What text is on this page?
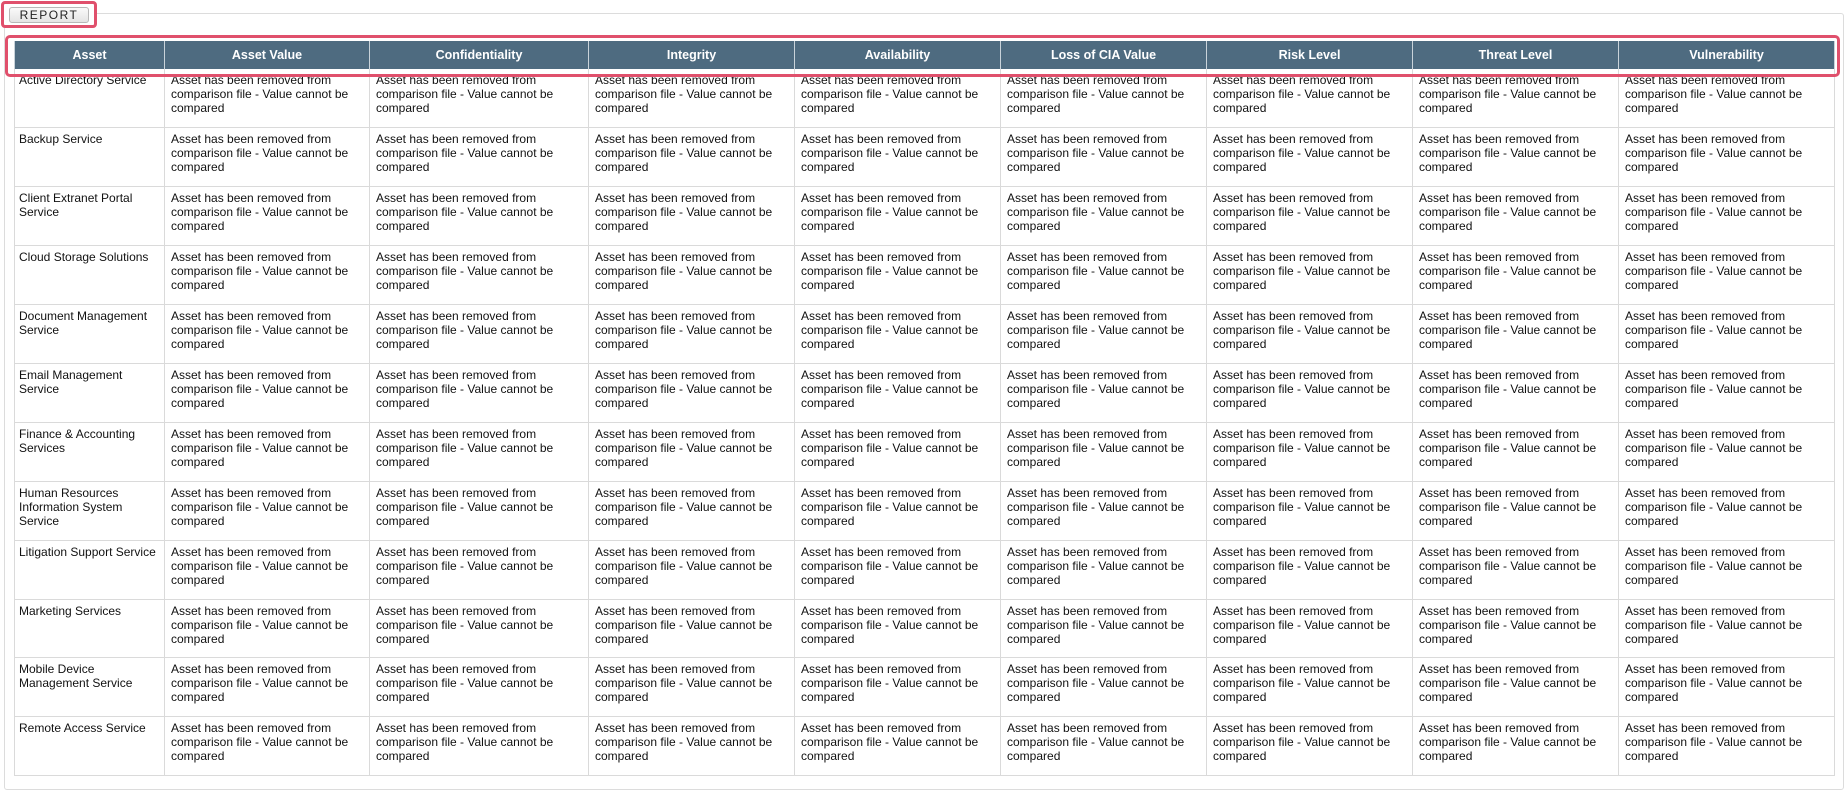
REPORT
Asset	Asset Value	Confidentiality	Integrity	Availability	Loss of CIA Value	Risk Level	Threat Level	Vulnerability
Active Directory Service	Asset has been removed from comparison file - Value cannot be compared	Asset has been removed from comparison file - Value cannot be compared	Asset has been removed from comparison file - Value cannot be compared	Asset has been removed from comparison file - Value cannot be compared	Asset has been removed from comparison file - Value cannot be compared	Asset has been removed from comparison file - Value cannot be compared	Asset has been removed from comparison file - Value cannot be compared	Asset has been removed from comparison file - Value cannot be compared
Backup Service	Asset has been removed from comparison file - Value cannot be compared	Asset has been removed from comparison file - Value cannot be compared	Asset has been removed from comparison file - Value cannot be compared	Asset has been removed from comparison file - Value cannot be compared	Asset has been removed from comparison file - Value cannot be compared	Asset has been removed from comparison file - Value cannot be compared	Asset has been removed from comparison file - Value cannot be compared	Asset has been removed from comparison file - Value cannot be compared
Client Extranet Portal Service	Asset has been removed from comparison file - Value cannot be compared	Asset has been removed from comparison file - Value cannot be compared	Asset has been removed from comparison file - Value cannot be compared	Asset has been removed from comparison file - Value cannot be compared	Asset has been removed from comparison file - Value cannot be compared	Asset has been removed from comparison file - Value cannot be compared	Asset has been removed from comparison file - Value cannot be compared	Asset has been removed from comparison file - Value cannot be compared
Cloud Storage Solutions	Asset has been removed from comparison file - Value cannot be compared	Asset has been removed from comparison file - Value cannot be compared	Asset has been removed from comparison file - Value cannot be compared	Asset has been removed from comparison file - Value cannot be compared	Asset has been removed from comparison file - Value cannot be compared	Asset has been removed from comparison file - Value cannot be compared	Asset has been removed from comparison file - Value cannot be compared	Asset has been removed from comparison file - Value cannot be compared
Document Management Service	Asset has been removed from comparison file - Value cannot be compared	Asset has been removed from comparison file - Value cannot be compared	Asset has been removed from comparison file - Value cannot be compared	Asset has been removed from comparison file - Value cannot be compared	Asset has been removed from comparison file - Value cannot be compared	Asset has been removed from comparison file - Value cannot be compared	Asset has been removed from comparison file - Value cannot be compared	Asset has been removed from comparison file - Value cannot be compared
Email Management Service	Asset has been removed from comparison file - Value cannot be compared	Asset has been removed from comparison file - Value cannot be compared	Asset has been removed from comparison file - Value cannot be compared	Asset has been removed from comparison file - Value cannot be compared	Asset has been removed from comparison file - Value cannot be compared	Asset has been removed from comparison file - Value cannot be compared	Asset has been removed from comparison file - Value cannot be compared	Asset has been removed from comparison file - Value cannot be compared
Finance & Accounting Services	Asset has been removed from comparison file - Value cannot be compared	Asset has been removed from comparison file - Value cannot be compared	Asset has been removed from comparison file - Value cannot be compared	Asset has been removed from comparison file - Value cannot be compared	Asset has been removed from comparison file - Value cannot be compared	Asset has been removed from comparison file - Value cannot be compared	Asset has been removed from comparison file - Value cannot be compared	Asset has been removed from comparison file - Value cannot be compared
Human Resources Information System Service	Asset has been removed from comparison file - Value cannot be compared	Asset has been removed from comparison file - Value cannot be compared	Asset has been removed from comparison file - Value cannot be compared	Asset has been removed from comparison file - Value cannot be compared	Asset has been removed from comparison file - Value cannot be compared	Asset has been removed from comparison file - Value cannot be compared	Asset has been removed from comparison file - Value cannot be compared	Asset has been removed from comparison file - Value cannot be compared
Litigation Support Service	Asset has been removed from comparison file - Value cannot be compared	Asset has been removed from comparison file - Value cannot be compared	Asset has been removed from comparison file - Value cannot be compared	Asset has been removed from comparison file - Value cannot be compared	Asset has been removed from comparison file - Value cannot be compared	Asset has been removed from comparison file - Value cannot be compared	Asset has been removed from comparison file - Value cannot be compared	Asset has been removed from comparison file - Value cannot be compared
Marketing Services	Asset has been removed from comparison file - Value cannot be compared	Asset has been removed from comparison file - Value cannot be compared	Asset has been removed from comparison file - Value cannot be compared	Asset has been removed from comparison file - Value cannot be compared	Asset has been removed from comparison file - Value cannot be compared	Asset has been removed from comparison file - Value cannot be compared	Asset has been removed from comparison file - Value cannot be compared	Asset has been removed from comparison file - Value cannot be compared
Mobile Device Management Service	Asset has been removed from comparison file - Value cannot be compared	Asset has been removed from comparison file - Value cannot be compared	Asset has been removed from comparison file - Value cannot be compared	Asset has been removed from comparison file - Value cannot be compared	Asset has been removed from comparison file - Value cannot be compared	Asset has been removed from comparison file - Value cannot be compared	Asset has been removed from comparison file - Value cannot be compared	Asset has been removed from comparison file - Value cannot be compared
Remote Access Service	Asset has been removed from comparison file - Value cannot be compared	Asset has been removed from comparison file - Value cannot be compared	Asset has been removed from comparison file - Value cannot be compared	Asset has been removed from comparison file - Value cannot be compared	Asset has been removed from comparison file - Value cannot be compared	Asset has been removed from comparison file - Value cannot be compared	Asset has been removed from comparison file - Value cannot be compared	Asset has been removed from comparison file - Value cannot be compared
